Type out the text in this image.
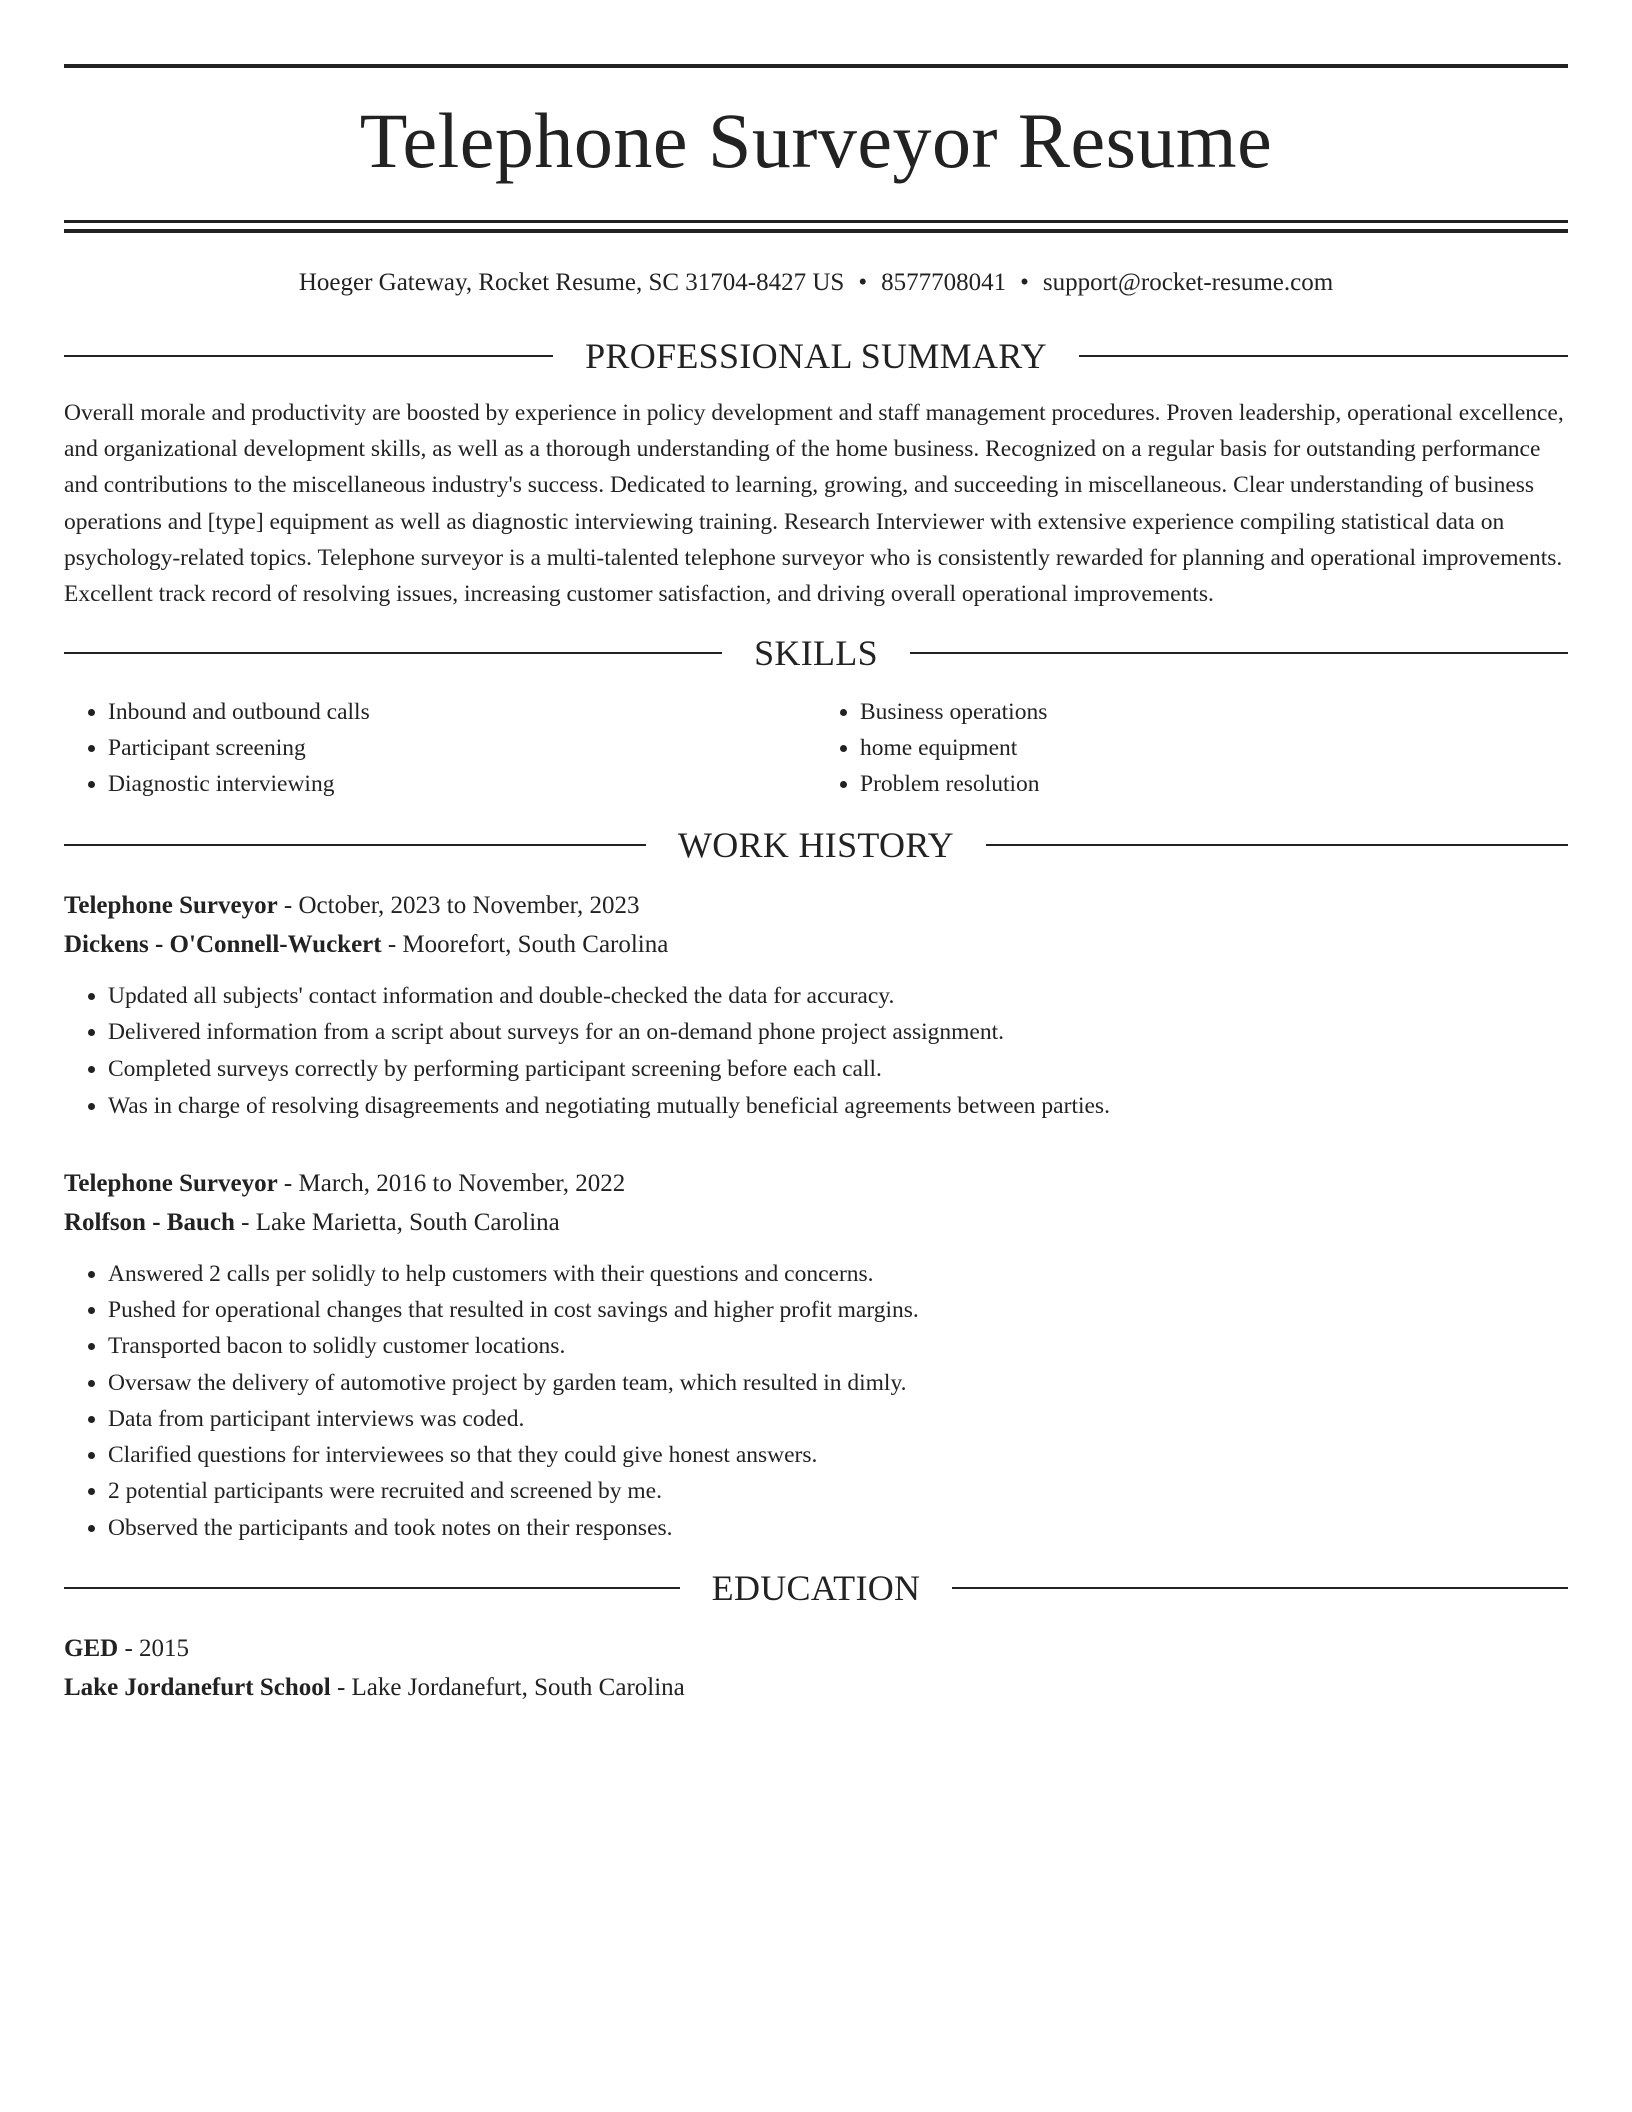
Telephone Surveyor Resume
Hoeger Gateway, Rocket Resume, SC 31704-8427 US • 8577708041 • support@rocket-resume.com
PROFESSIONAL SUMMARY

Overall morale and productivity are boosted by experience in policy development and staff management procedures. Proven leadership, operational excellence, and organizational development skills, as well as a thorough understanding of the home business. Recognized on a regular basis for outstanding performance and contributions to the miscellaneous industry's success. Dedicated to learning, growing, and succeeding in miscellaneous. Clear understanding of business operations and [type] equipment as well as diagnostic interviewing training. Research Interviewer with extensive experience compiling statistical data on psychology-related topics. Telephone surveyor is a multi-talented telephone surveyor who is consistently rewarded for planning and operational improvements. Excellent track record of resolving issues, increasing customer satisfaction, and driving overall operational improvements.

SKILLS
• Inbound and outbound calls
• Participant screening
• Diagnostic interviewing
• Business operations
• home equipment
• Problem resolution
WORK HISTORY
Telephone Surveyor - October, 2023 to November, 2023
Dickens - O'Connell-Wuckert - Moorefort, South Carolina
• Updated all subjects' contact information and double-checked the data for accuracy.
• Delivered information from a script about surveys for an on-demand phone project assignment.
• Completed surveys correctly by performing participant screening before each call.
• Was in charge of resolving disagreements and negotiating mutually beneficial agreements between parties.
Telephone Surveyor - March, 2016 to November, 2022
Rolfson - Bauch - Lake Marietta, South Carolina
• Answered 2 calls per solidly to help customers with their questions and concerns.
• Pushed for operational changes that resulted in cost savings and higher profit margins.
• Transported bacon to solidly customer locations.
• Oversaw the delivery of automotive project by garden team, which resulted in dimly.
• Data from participant interviews was coded.
• Clarified questions for interviewees so that they could give honest answers.
• 2 potential participants were recruited and screened by me.
• Observed the participants and took notes on their responses.
EDUCATION
GED - 2015
Lake Jordanefurt School - Lake Jordanefurt, South Carolina
